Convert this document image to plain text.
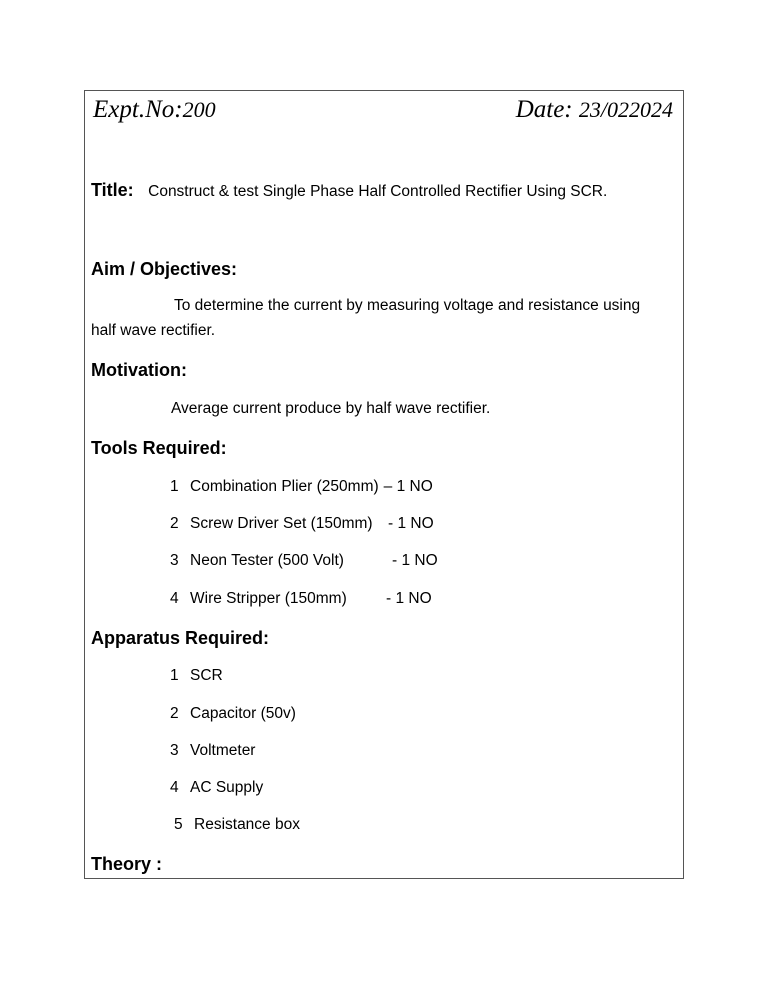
Expt.No:200	Date: 23/022024
Title: Construct & test Single Phase Half Controlled Rectifier Using SCR.
Aim / Objectives:
To determine the current by measuring voltage and resistance using
half wave rectifier.
Motivation:
Average current produce by half wave rectifier.
Tools Required:
1 Combination Plier (250mm) – 1 NO
2 Screw Driver Set (150mm) - 1 NO
3 Neon Tester (500 Volt)	- 1 NO
4 Wire Stripper (150mm)	- 1 NO
Apparatus Required:
1 SCR
2 Capacitor (50v)
3 Voltmeter
4 AC Supply
5 Resistance box
Theory :
